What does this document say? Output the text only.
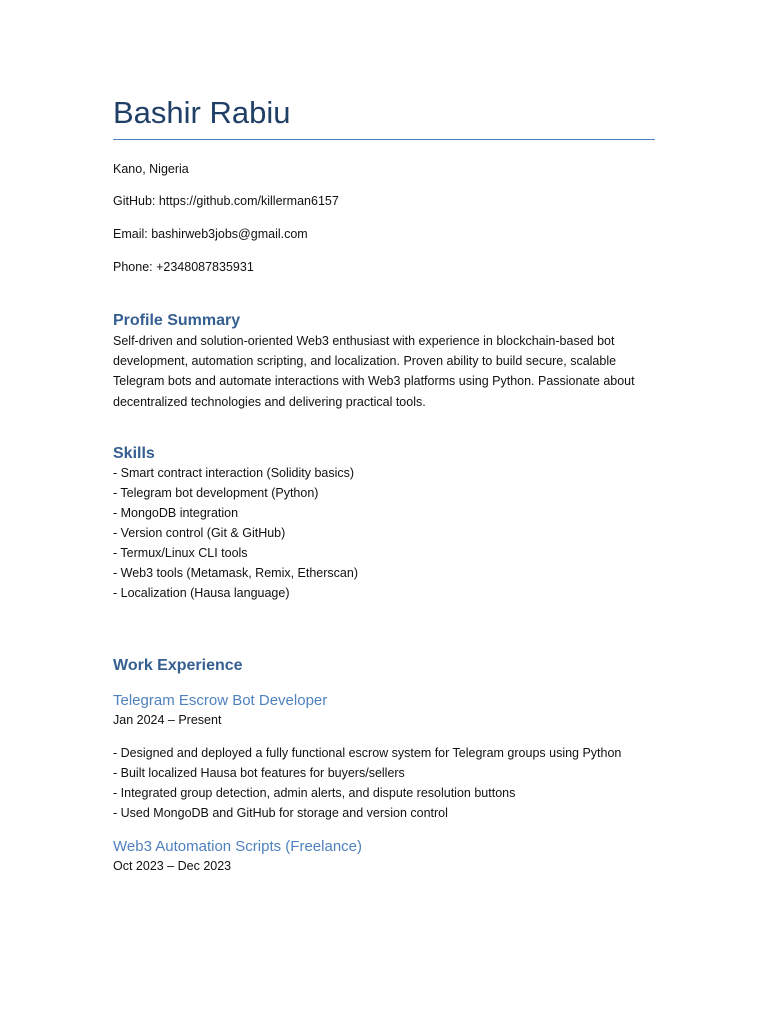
Bashir Rabiu
Kano, Nigeria
GitHub: https://github.com/killerman6157
Email: bashirweb3jobs@gmail.com
Phone: +2348087835931
Profile Summary
Self-driven and solution-oriented Web3 enthusiast with experience in blockchain-based bot development, automation scripting, and localization. Proven ability to build secure, scalable Telegram bots and automate interactions with Web3 platforms using Python. Passionate about decentralized technologies and delivering practical tools.
Skills
- Smart contract interaction (Solidity basics)
- Telegram bot development (Python)
- MongoDB integration
- Version control (Git & GitHub)
- Termux/Linux CLI tools
- Web3 tools (Metamask, Remix, Etherscan)
- Localization (Hausa language)
Work Experience
Telegram Escrow Bot Developer
Jan 2024 – Present
- Designed and deployed a fully functional escrow system for Telegram groups using Python
- Built localized Hausa bot features for buyers/sellers
- Integrated group detection, admin alerts, and dispute resolution buttons
- Used MongoDB and GitHub for storage and version control
Web3 Automation Scripts (Freelance)
Oct 2023 – Dec 2023
